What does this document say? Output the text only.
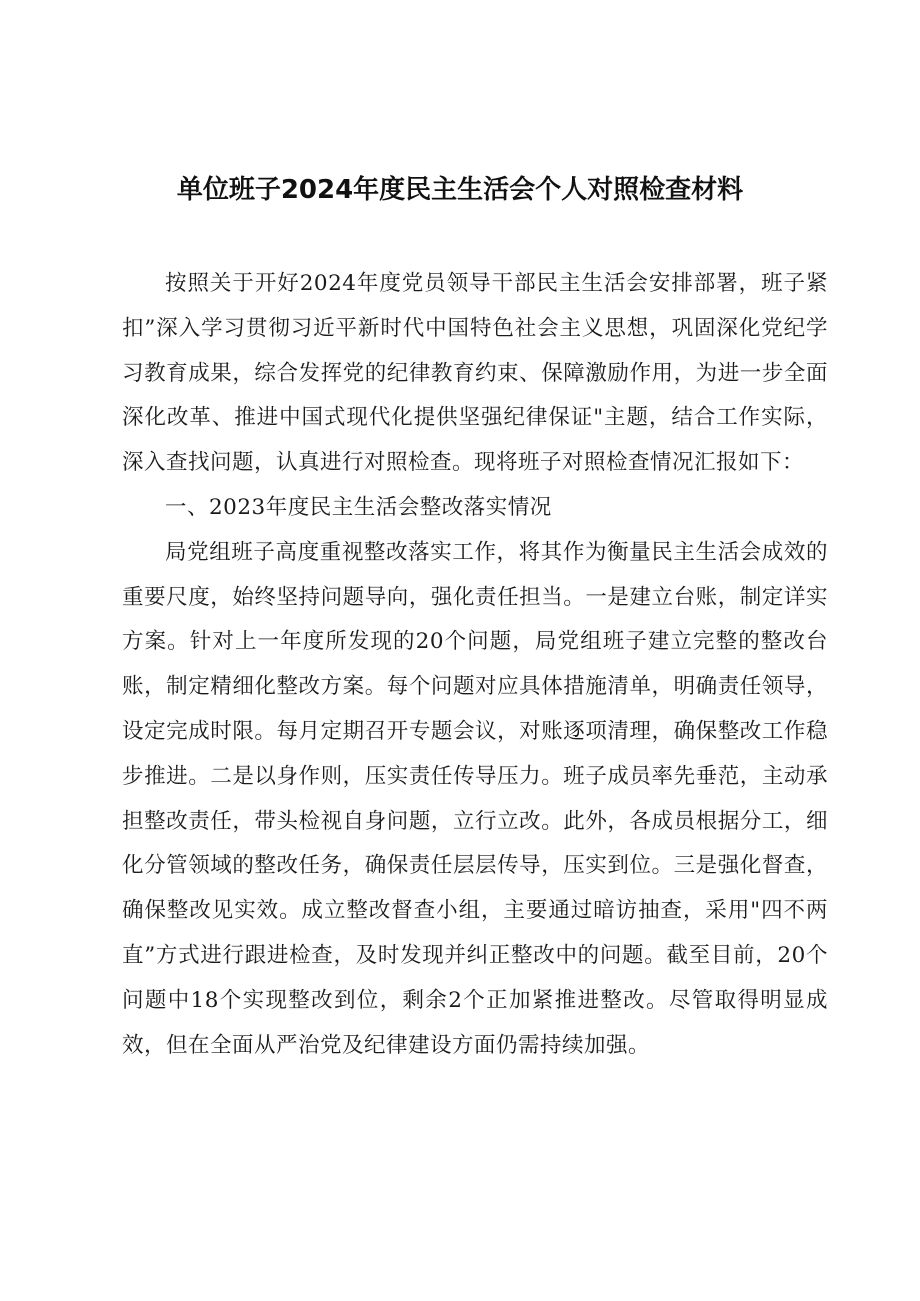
单位班子2024年度民主生活会个人对照检查材料

按照关于开好2024年度党员领导干部民主生活会安排部署，班子紧扣”深入学习贯彻习近平新时代中国特色社会主义思想，巩固深化党纪学习教育成果，综合发挥党的纪律教育约束、保障激励作用，为进一步全面深化改革、推进中国式现代化提供坚强纪律保证"主题，结合工作实际，深入查找问题，认真进行对照检查。现将班子对照检查情况汇报如下：

一、2023年度民主生活会整改落实情况

局党组班子高度重视整改落实工作，将其作为衡量民主生活会成效的重要尺度，始终坚持问题导向，强化责任担当。一是建立台账，制定详实方案。针对上一年度所发现的20个问题，局党组班子建立完整的整改台账，制定精细化整改方案。每个问题对应具体措施清单，明确责任领导，设定完成时限。每月定期召开专题会议，对账逐项清理，确保整改工作稳步推进。二是以身作则，压实责任传导压力。班子成员率先垂范，主动承担整改责任，带头检视自身问题，立行立改。此外，各成员根据分工，细化分管领域的整改任务，确保责任层层传导，压实到位。三是强化督查，确保整改见实效。成立整改督查小组，主要通过暗访抽查，采用"四不两直”方式进行跟进检查，及时发现并纠正整改中的问题。截至目前，20个问题中18个实现整改到位，剩余2个正加紧推进整改。尽管取得明显成效，但在全面从严治党及纪律建设方面仍需持续加强。
